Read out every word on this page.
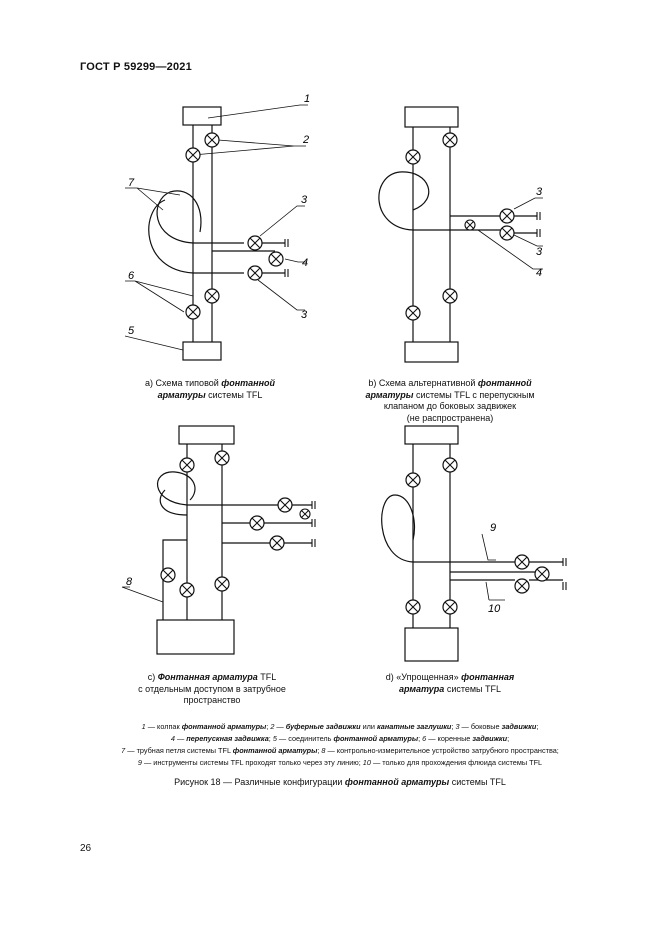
ГОСТ Р 59299—2021
1
2
3
4
3
7
6
5
3
3
4
8
9
10
a) Схема типовой фонтанной
арматуры системы TFL
b) Схема альтернативной фонтанной
арматуры системы TFL с перепускным
клапаном до боковых задвижек
(не распространена)
c) Фонтанная арматура TFL
с отдельным доступом в затрубное
пространство
d) «Упрощенная» фонтанная
арматура системы TFL
1 — колпак фонтанной арматуры; 2 — буферные задвижки или канатные заглушки; 3 — боковые задвижки;
4 — перепускная задвижка; 5 — соединитель фонтанной арматуры; 6 — коренные задвижки;
7 — трубная петля системы TFL фонтанной арматуры; 8 — контрольно-измерительное устройство затрубного пространства;
9 — инструменты системы TFL проходят только через эту линию; 10 — только для прохождения флюида системы TFL
Рисунок 18 — Различные конфигурации фонтанной арматуры системы TFL
26
